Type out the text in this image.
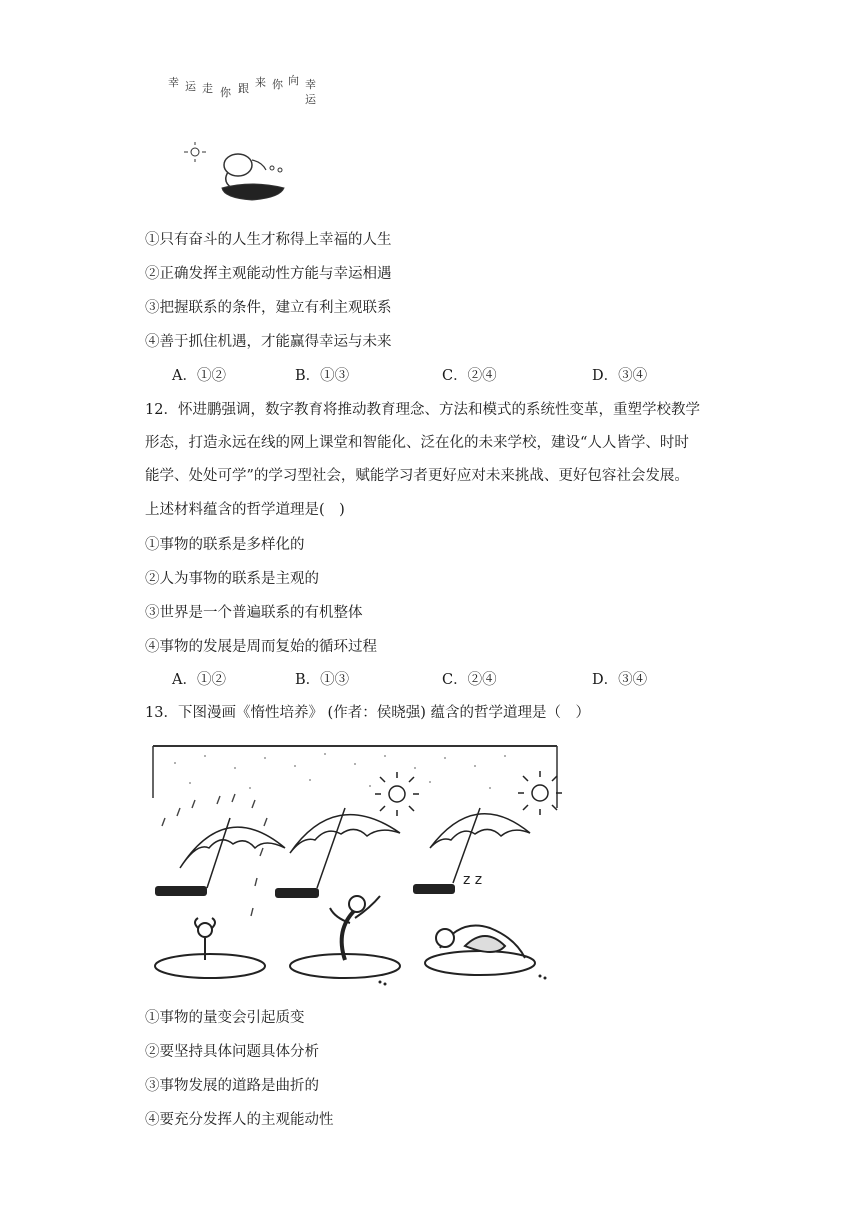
幸
运
向
你
来
跟
你
走
运
幸
①只有奋斗的人生才称得上幸福的人生
②正确发挥主观能动性方能与幸运相遇
③把握联系的条件，建立有利主观联系
④善于抓住机遇，才能赢得幸运与未来
A．①②	B．①③	C．②④	D．③④
12．怀进鹏强调，数字教育将推动教育理念、方法和模式的系统性变革，重塑学校教学
形态，打造永远在线的网上课堂和智能化、泛在化的未来学校，建设“人人皆学、时时
能学、处处可学”的学习型社会，赋能学习者更好应对未来挑战、更好包容社会发展。
上述材料蕴含的哲学道理是(　)
①事物的联系是多样化的
②人为事物的联系是主观的
③世界是一个普遍联系的有机整体
④事物的发展是周而复始的循环过程
A．①②	B．①③	C．②④	D．③④
13．下图漫画《惰性培养》 (作者：侯晓强) 蕴含的哲学道理是（　）
z z
①事物的量变会引起质变
②要坚持具体问题具体分析
③事物发展的道路是曲折的
④要充分发挥人的主观能动性
